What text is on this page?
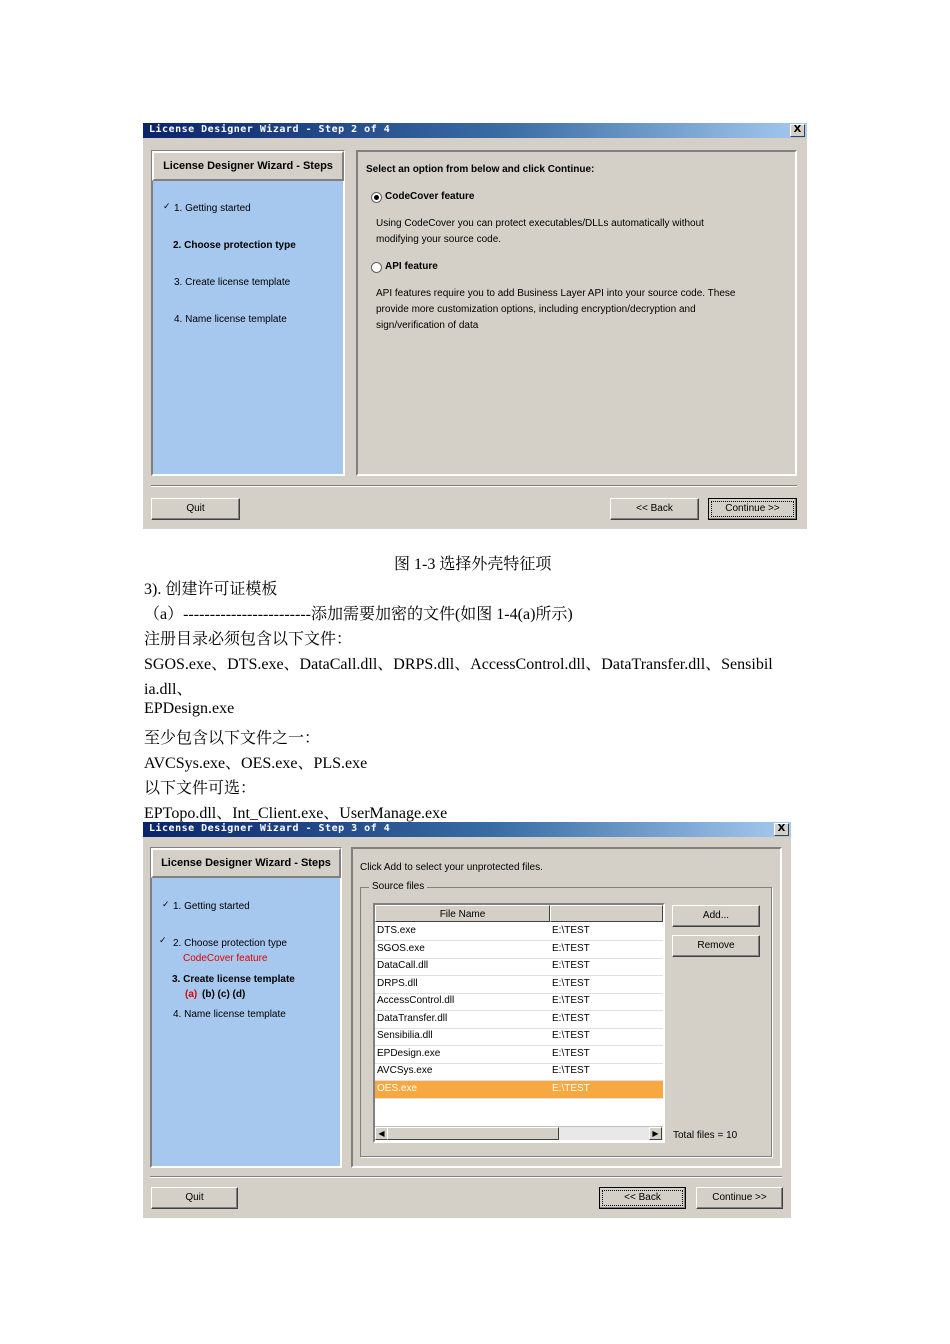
License Designer Wizard - Step 2 of 4	X
License Designer Wizard - Steps
✓ 1. Getting started
2. Choose protection type
3. Create license template
4. Name license template
Select an option from below and click Continue:
CodeCover feature
Using CodeCover you can protect executables/DLLs automatically without
modifying your source code.
API feature
API features require you to add Business Layer API into your source code. These
provide more customization options, including encryption/decryption and
sign/verification of data
Quit	<< Back	Continue >>
图 1-3 选择外壳特征项
3). 创建许可证模板
（a）------------------------添加需要加密的文件(如图 1-4(a)所示)
注册目录必须包含以下文件：
SGOS.exe、DTS.exe、DataCall.dll、DRPS.dll、AccessControl.dll、DataTransfer.dll、Sensibil
ia.dll、
EPDesign.exe
至少包含以下文件之一：
AVCSys.exe、OES.exe、PLS.exe
以下文件可选：
EPTopo.dll、Int_Client.exe、UserManage.exe
License Designer Wizard - Step 3 of 4	X
License Designer Wizard - Steps
✓ 1. Getting started
✓ 2. Choose protection type
CodeCover feature
3. Create license template
(a) (b) (c) (d)
4. Name license template
Click Add to select your unprotected files.
Source files
File Name
DTS.exe	E:\TEST
SGOS.exe	E:\TEST
DataCall.dll	E:\TEST
DRPS.dll	E:\TEST
AccessControl.dll	E:\TEST
DataTransfer.dll	E:\TEST
Sensibilia.dll	E:\TEST
EPDesign.exe	E:\TEST
AVCSys.exe	E:\TEST
OES.exe	E:\TEST
◀	▶
Add...
Remove
Total files = 10
Quit	<< Back	Continue >>
